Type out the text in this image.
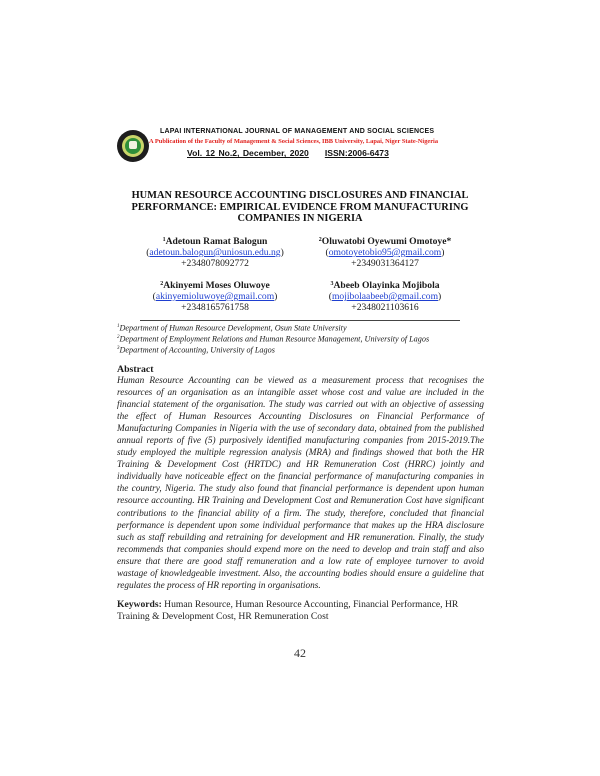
LAPAI INTERNATIONAL JOURNAL OF MANAGEMENT AND SOCIAL SCIENCES
A Publication of the Faculty of Management & Social Sciences, IBB University, Lapai, Niger State-Nigeria
Vol. 12 No.2, December, 2020 ISSN:2006-6473
HUMAN RESOURCE ACCOUNTING DISCLOSURES AND FINANCIAL PERFORMANCE: EMPIRICAL EVIDENCE FROM MANUFACTURING COMPANIES IN NIGERIA
$^1$Adetoun Ramat Balogun
(adetoun.balogun@uniosun.edu.ng)
+2348078092772
$^2$Oluwatobi Oyewumi Omotoye*
(omotoyetobio95@gmail.com)
+2349031364127
$^2$Akinyemi Moses Oluwoye
(akinyemioluwoye@gmail.com)
+2348165761758
$^3$Abeeb Olayinka Mojibola
(mojibolaabeeb@gmail.com)
+2348021103616
$^1$Department of Human Resource Development, Osun State University
$^2$Department of Employment Relations and Human Resource Management, University of Lagos
$^3$Department of Accounting, University of Lagos
Abstract
Human Resource Accounting can be viewed as a measurement process that recognises the resources of an organisation as an intangible asset whose cost and value are included in the financial statement of the organisation. The study was carried out with an objective of assessing the effect of Human Resources Accounting Disclosures on Financial Performance of Manufacturing Companies in Nigeria with the use of secondary data, obtained from the published annual reports of five (5) purposively identified manufacturing companies from 2015-2019.The study employed the multiple regression analysis (MRA) and findings showed that both the HR Training & Development Cost (HRTDC) and HR Remuneration Cost (HRRC) jointly and individually have noticeable effect on the financial performance of manufacturing companies in the country, Nigeria. The study also found that financial performance is dependent upon human resource accounting. HR Training and Development Cost and Remuneration Cost have significant contributions to the financial ability of a firm. The study, therefore, concluded that financial performance is dependent upon some individual performance that makes up the HRA disclosure such as staff rebuilding and retraining for development and HR remuneration. Finally, the study recommends that companies should expend more on the need to develop and train staff and also ensure that there are good staff remuneration and a low rate of employee turnover to avoid wastage of knowledgeable investment. Also, the accounting bodies should ensure a guideline that regulates the process of HR reporting in organisations.
Keywords: Human Resource, Human Resource Accounting, Financial Performance, HR Training & Development Cost, HR Remuneration Cost
42
